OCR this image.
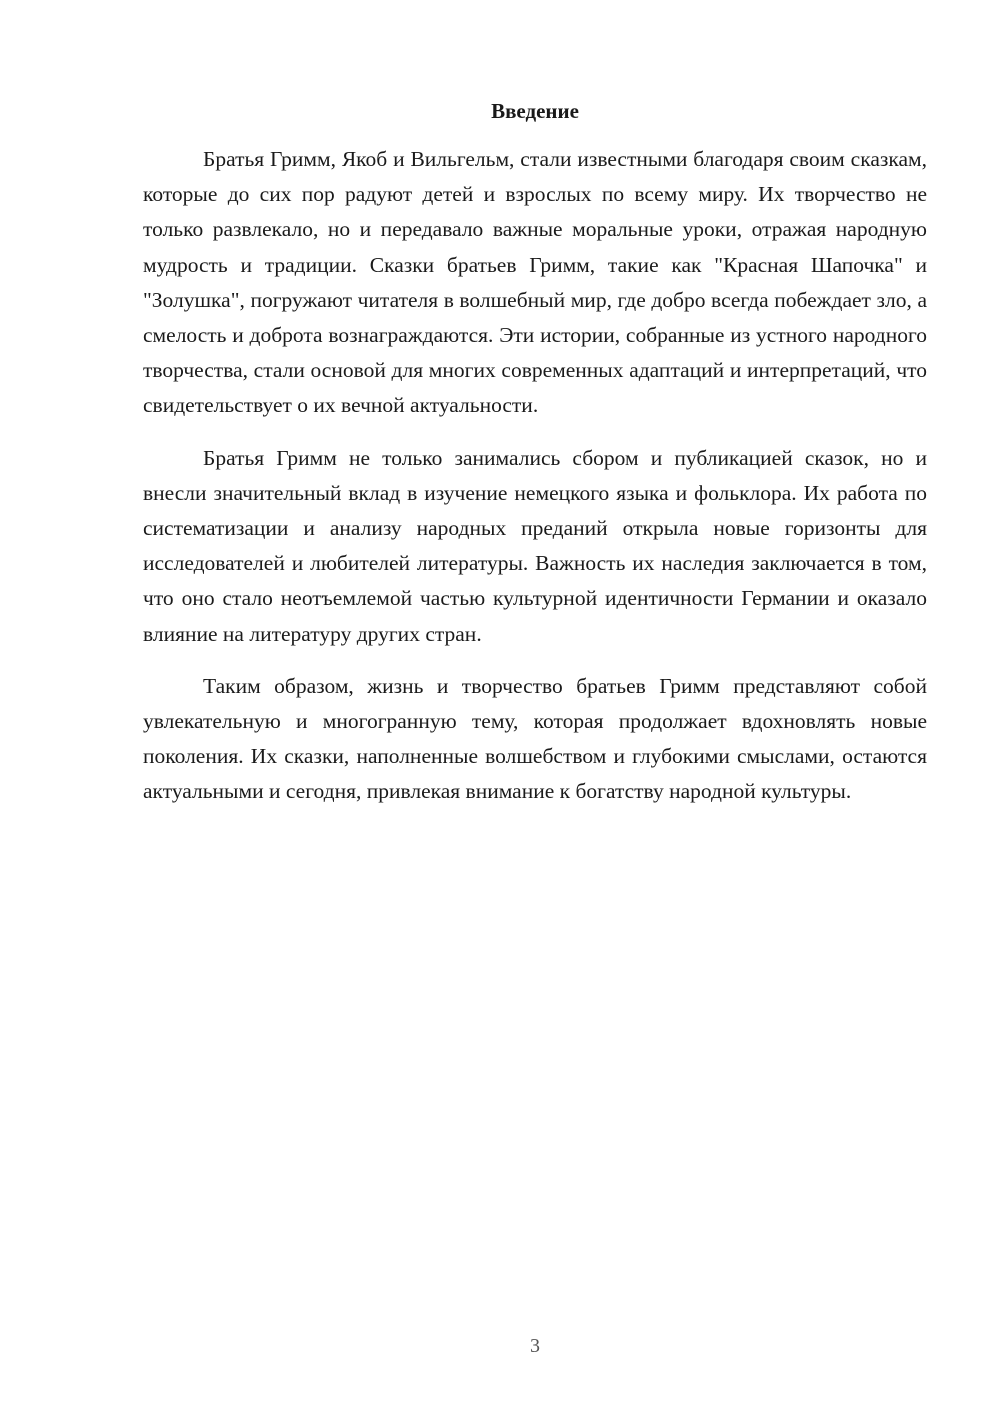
Введение

Братья Гримм, Якоб и Вильгельм, стали известными благодаря своим сказкам, которые до сих пор радуют детей и взрослых по всему миру. Их творчество не только развлекало, но и передавало важные моральные уроки, отражая народную мудрость и традиции. Сказки братьев Гримм, такие как "Красная Шапочка" и "Золушка", погружают читателя в волшебный мир, где добро всегда побеждает зло, а смелость и доброта вознаграждаются. Эти истории, собранные из устного народного творчества, стали основой для многих современных адаптаций и интерпретаций, что свидетельствует о их вечной актуальности.

Братья Гримм не только занимались сбором и публикацией сказок, но и внесли значительный вклад в изучение немецкого языка и фольклора. Их работа по систематизации и анализу народных преданий открыла новые горизонты для исследователей и любителей литературы. Важность их наследия заключается в том, что оно стало неотъемлемой частью культурной идентичности Германии и оказало влияние на литературу других стран.

Таким образом, жизнь и творчество братьев Гримм представляют собой увлекательную и многогранную тему, которая продолжает вдохновлять новые поколения. Их сказки, наполненные волшебством и глубокими смыслами, остаются актуальными и сегодня, привлекая внимание к богатству народной культуры.

3
